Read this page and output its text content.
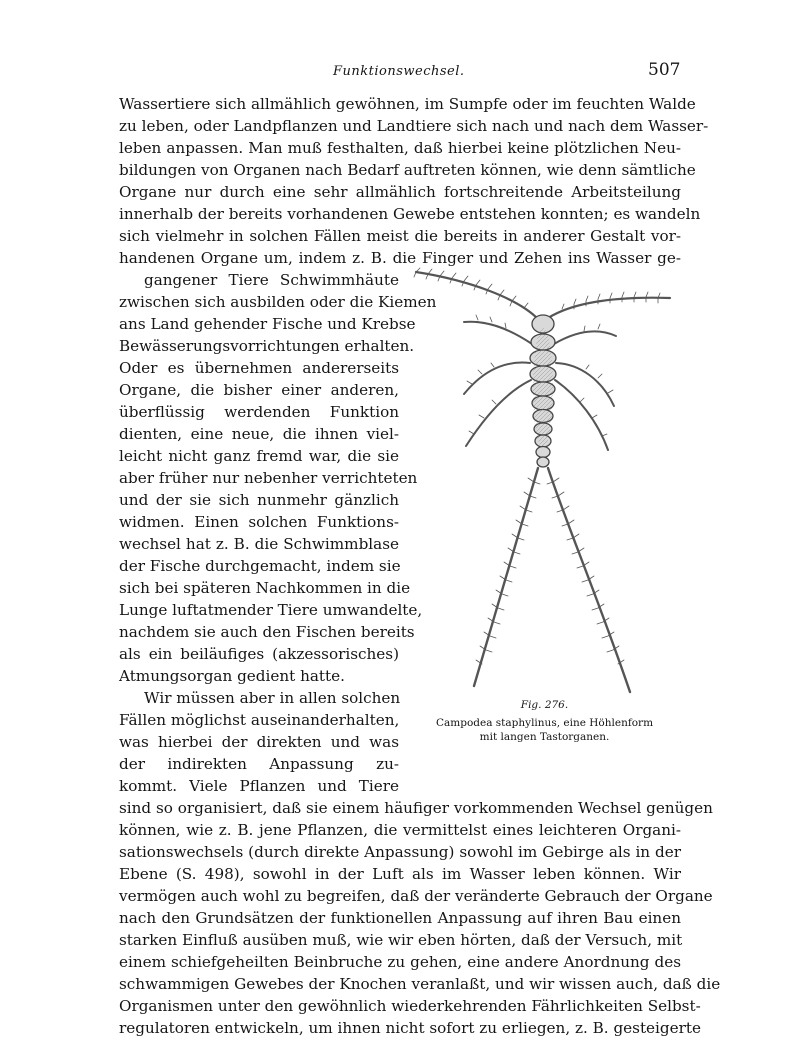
Funktionswechsel.	507
Wassertiere sich allmählich gewöhnen, im Sumpfe oder im feuchten Walde
zu leben, oder Landpflanzen und Landtiere sich nach und nach dem Wasser-
leben anpassen. Man muß festhalten, daß hierbei keine plötzlichen Neu-
bildungen von Organen nach Bedarf auftreten können, wie denn sämtliche
Organe nur durch eine sehr allmählich fortschreitende Arbeitsteilung
innerhalb der bereits vorhandenen Gewebe entstehen konnten; es wandeln
sich vielmehr in solchen Fällen meist die bereits in anderer Gestalt vor-
handenen Organe um, indem z. B. die Finger und Zehen ins Wasser ge-
gangener Tiere Schwimmhäute
zwischen sich ausbilden oder die Kiemen
ans Land gehender Fische und Krebse
Bewässerungsvorrichtungen erhalten.
Oder es übernehmen andererseits
Organe, die bisher einer anderen,
überflüssig werdenden Funktion
dienten, eine neue, die ihnen viel-
leicht nicht ganz fremd war, die sie
aber früher nur nebenher verrichteten
und der sie sich nunmehr gänzlich
widmen. Einen solchen Funktions-
wechsel hat z. B. die Schwimmblase
der Fische durchgemacht, indem sie
sich bei späteren Nachkommen in die
Lunge luftatmender Tiere umwandelte,
nachdem sie auch den Fischen bereits
als ein beiläufiges (akzessorisches)
Atmungsorgan gedient hatte.
Wir müssen aber in allen solchen
Fällen möglichst auseinanderhalten,
was hierbei der direkten und was
der indirekten Anpassung zu-
kommt. Viele Pflanzen und Tiere
sind so organisiert, daß sie einem häufiger vorkommenden Wechsel genügen
können, wie z. B. jene Pflanzen, die vermittelst eines leichteren Organi-
sationswechsels (durch direkte Anpassung) sowohl im Gebirge als in der
Ebene (S. 498), sowohl in der Luft als im Wasser leben können. Wir
vermögen auch wohl zu begreifen, daß der veränderte Gebrauch der Organe
nach den Grundsätzen der funktionellen Anpassung auf ihren Bau einen
starken Einfluß ausüben muß, wie wir eben hörten, daß der Versuch, mit
einem schiefgeheilten Beinbruche zu gehen, eine andere Anordnung des
schwammigen Gewebes der Knochen veranlaßt, und wir wissen auch, daß die
Organismen unter den gewöhnlich wiederkehrenden Fährlichkeiten Selbst-
regulatoren entwickeln, um ihnen nicht sofort zu erliegen, z. B. gesteigerte
Fig. 276.
Campodea staphylinus, eine Höhlenform
mit langen Tastorganen.
